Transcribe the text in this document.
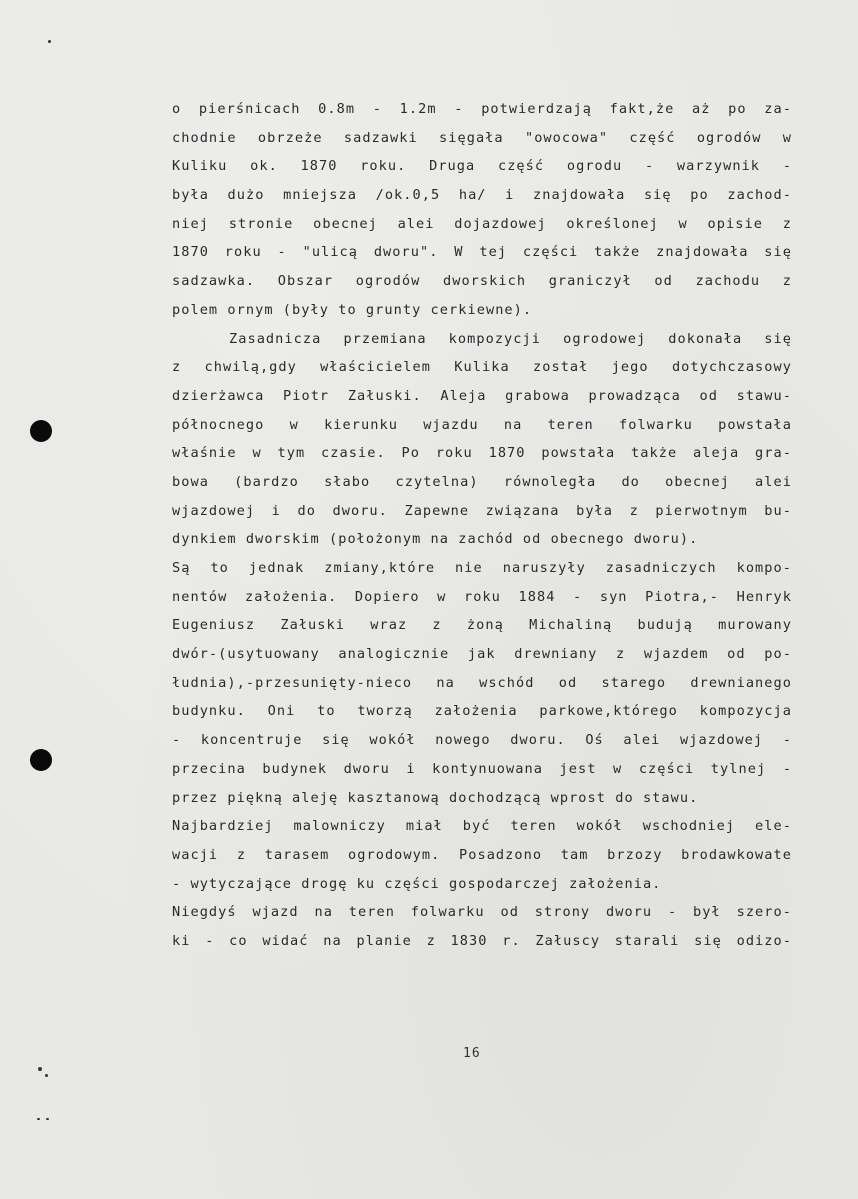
o pierśnicach 0.8m - 1.2m - potwierdzają fakt,że aż po za-
chodnie obrzeże sadzawki sięgała "owocowa" część ogrodów w
Kuliku ok. 1870 roku. Druga część ogrodu - warzywnik -
była dużo mniejsza /ok.0,5 ha/ i znajdowała się po zachod-
niej stronie obecnej alei dojazdowej określonej w opisie z
1870 roku - "ulicą dworu". W tej części także znajdowała się
sadzawka. Obszar ogrodów dworskich graniczył od zachodu z
polem ornym (były to grunty cerkiewne).
Zasadnicza przemiana kompozycji ogrodowej dokonała się
z chwilą,gdy właścicielem Kulika został jego dotychczasowy
dzierżawca Piotr Załuski. Aleja grabowa prowadząca od stawu-
północnego w kierunku wjazdu na teren folwarku powstała
właśnie w tym czasie. Po roku 1870 powstała także aleja gra-
bowa (bardzo słabo czytelna) równoległa do obecnej alei
wjazdowej i do dworu. Zapewne związana była z pierwotnym bu-
dynkiem dworskim (położonym na zachód od obecnego dworu).
Są to jednak zmiany,które nie naruszyły zasadniczych kompo-
nentów założenia. Dopiero w roku 1884 - syn Piotra,- Henryk
Eugeniusz Załuski wraz z żoną Michaliną budują murowany
dwór-(usytuowany analogicznie jak drewniany z wjazdem od po-
łudnia),-przesunięty-nieco na wschód od starego drewnianego
budynku. Oni to tworzą założenia parkowe,którego kompozycja
- koncentruje się wokół nowego dworu. Oś alei wjazdowej -
przecina budynek dworu i kontynuowana jest w części tylnej -
przez piękną aleję kasztanową dochodzącą wprost do stawu.
Najbardziej malowniczy miał być teren wokół wschodniej ele-
wacji z tarasem ogrodowym. Posadzono tam brzozy brodawkowate
- wytyczające drogę ku części gospodarczej założenia.
Niegdyś wjazd na teren folwarku od strony dworu - był szero-
ki - co widać na planie z 1830 r. Załuscy starali się odizo-
16
